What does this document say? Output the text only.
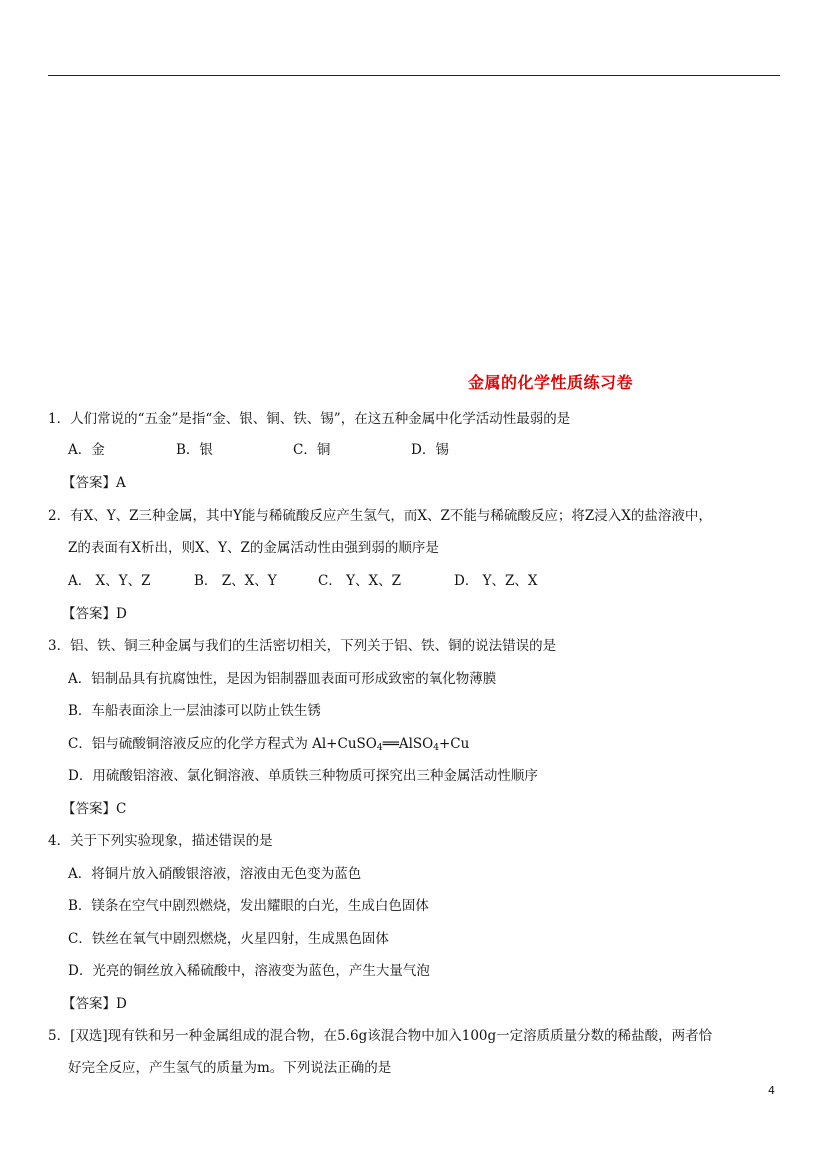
金属的化学性质练习卷
1．人们常说的“五金”是指“金、银、铜、铁、锡”，在这五种金属中化学活动性最弱的是
A．金	B．银	C．铜	D．锡
【答案】A
2．有X、Y、Z三种金属，其中Y能与稀硫酸反应产生氢气，而X、Z不能与稀硫酸反应；将Z浸入X的盐溶液中，
Z的表面有X析出，则X、Y、Z的金属活动性由强到弱的顺序是
A． X、Y、Z	B． Z、X、Y	C． Y、X、Z	D． Y、Z、X
【答案】D
3．铝、铁、铜三种金属与我们的生活密切相关，下列关于铝、铁、铜的说法错误的是
A．铝制品具有抗腐蚀性，是因为铝制器皿表面可形成致密的氧化物薄膜
B．车船表面涂上一层油漆可以防止铁生锈
C．铝与硫酸铜溶液反应的化学方程式为 Al+CuSO$_4$══AlSO$_4$+Cu
D．用硫酸铝溶液、氯化铜溶液、单质铁三种物质可探究出三种金属活动性顺序
【答案】C
4．关于下列实验现象，描述错误的是
A．将铜片放入硝酸银溶液，溶液由无色变为蓝色
B．镁条在空气中剧烈燃烧，发出耀眼的白光，生成白色固体
C．铁丝在氧气中剧烈燃烧，火星四射，生成黑色固体
D．光亮的铜丝放入稀硫酸中，溶液变为蓝色，产生大量气泡
【答案】D
5．[双选]现有铁和另一种金属组成的混合物，在5.6g该混合物中加入100g一定溶质质量分数的稀盐酸，两者恰
好完全反应，产生氢气的质量为m。下列说法正确的是
4
